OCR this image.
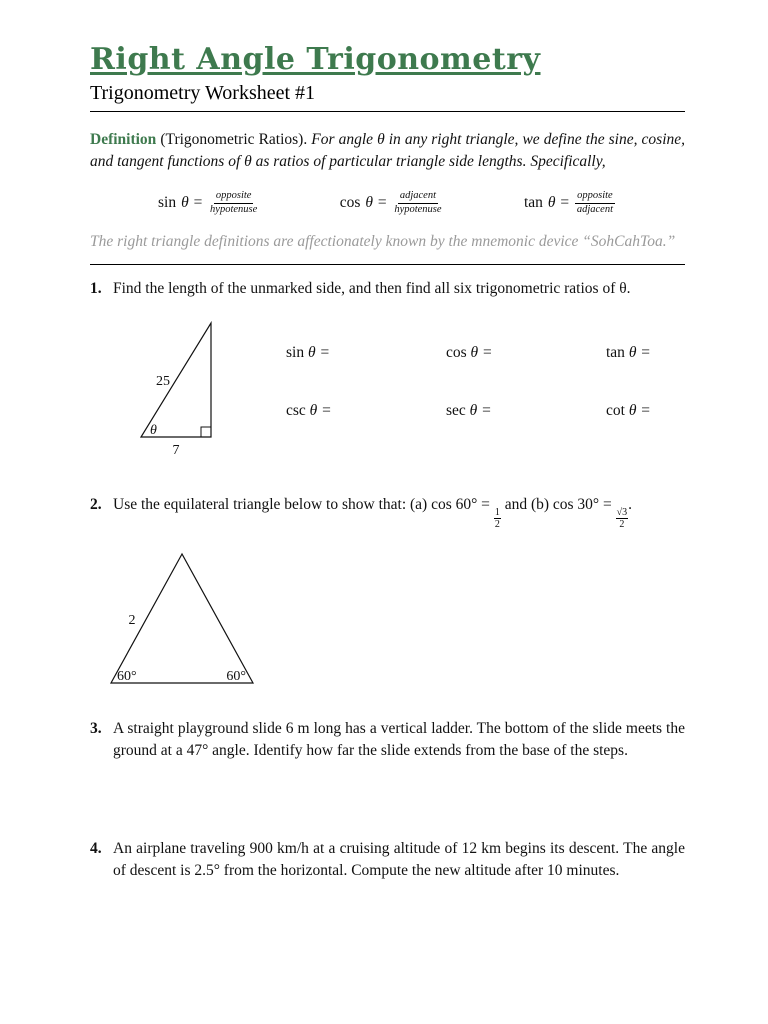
Right Angle Trigonometry
Trigonometry Worksheet #1

Definition (Trigonometric Ratios). For angle θ in any right triangle, we define the sine, cosine, and tangent functions of θ as ratios of particular triangle side lengths. Specifically,

$\sin \theta = \frac{\text{opposite}}{\text{hypotenuse}}$	$\cos \theta = \frac{\text{adjacent}}{\text{hypotenuse}}$	$\tan \theta = \frac{\text{opposite}}{\text{adjacent}}$

The right triangle definitions are affectionately known by the mnemonic device “SohCahToa.”

1. Find the length of the unmarked side, and then find all six trigonometric ratios of θ.
25
θ
7
sin θ =	cos θ =	tan θ =
csc θ =	sec θ =	cot θ =
2. Use the equilateral triangle below to show that: (a) cos 60° =
$\frac{1}{2}$
and (b) cos 30° =
$\frac{√3}{2}$
.
2
60°	60°
3. A straight playground slide 6 m long has a vertical ladder. The bottom of the slide meets the ground at a 47° angle. Identify how far the slide extends from the base of the steps.
4. An airplane traveling 900 km/h at a cruising altitude of 12 km begins its descent. The angle of descent is 2.5° from the horizontal. Compute the new altitude after 10 minutes.
